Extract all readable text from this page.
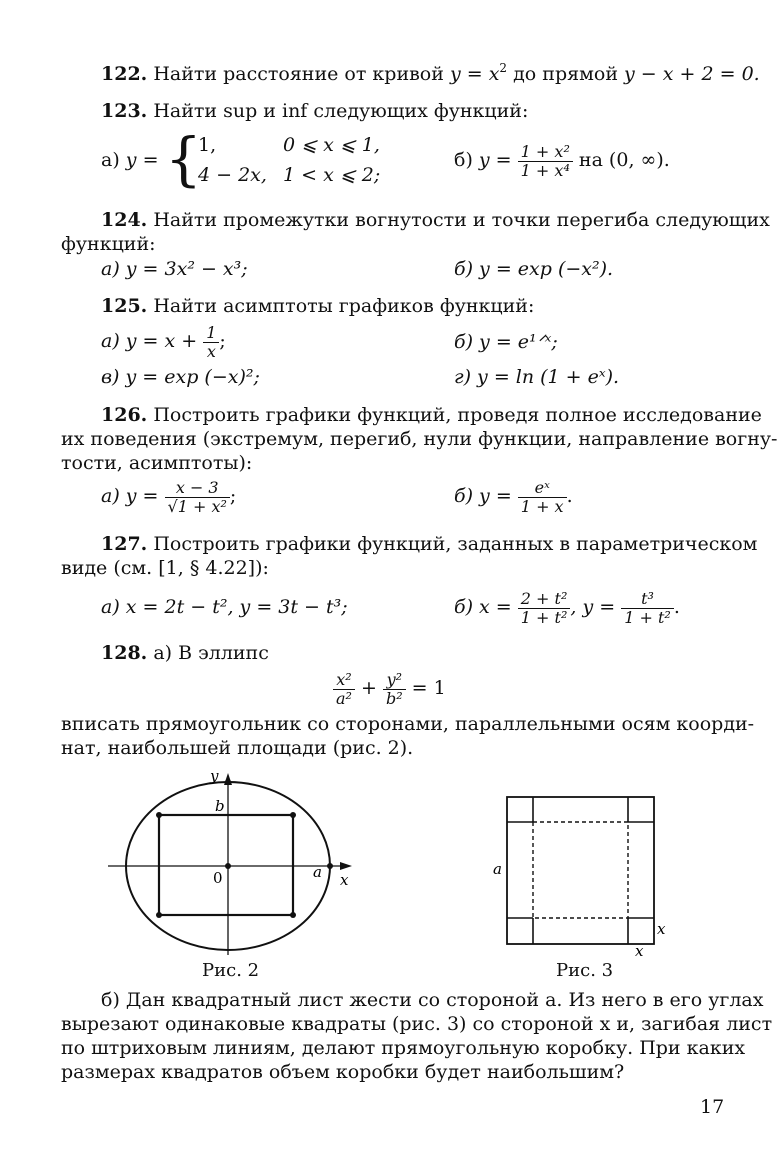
122. Найти расстояние от кривой $y = x^2$ до прямой y − x + 2 = 0.
123. Найти sup и inf следующих функций:
а) y = {
1,	0 ⩽ x ⩽ 1,
4 − 2x, 1 < x ⩽ 2;
б) $y = \frac{\text{1 + x²}}{\text{1 + x⁴}}$ на (0, ∞).
124. Найти промежутки вогнутости и точки перегиба следующих
функций:
а) y = 3x² − x³;	б) y = exp (−x²).
125. Найти асимптоты графиков функций:
а) $y = x + \frac{1}{x}$ ;	б) y = e¹ᐟˣ;
в) y = exp (−x)²;	г) y = ln (1 + eˣ).
126. Построить графики функций, проведя полное исследование
их поведения (экстремум, перегиб, нули функции, направление вогну-
тости, асимптоты):
а) $y = \frac{x - 3}{\text{√1 + x²}}$ ;	б) $y = \frac{\text{eˣ}}{1 + x}$ .
127. Построить графики функций, заданных в параметрическом
виде (см. [1, § 4.22]):
а) x = 2t − t², y = 3t − t³;	б) $x = \frac{\text{2 + t²}}{\text{1 + t²}}$ , $y = \frac{\text{t³}}{\text{1 + t²}}$ .
128. а) В эллипс
$\frac{\text{x²}}{\text{a²}} + \frac{\text{y²}}{\text{b²}} = 1$
вписать прямоугольник со сторонами, параллельными осям коорди-
нат, наибольшей площади (рис. 2).
y
b
0	a x
Рис. 2
a
x
x
Рис. 3
б) Дан квадратный лист жести со стороной a. Из него в его углах
вырезают одинаковые квадраты (рис. 3) со стороной x и, загибая лист
по штриховым линиям, делают прямоугольную коробку. При каких
размерах квадратов объем коробки будет наибольшим?
17
